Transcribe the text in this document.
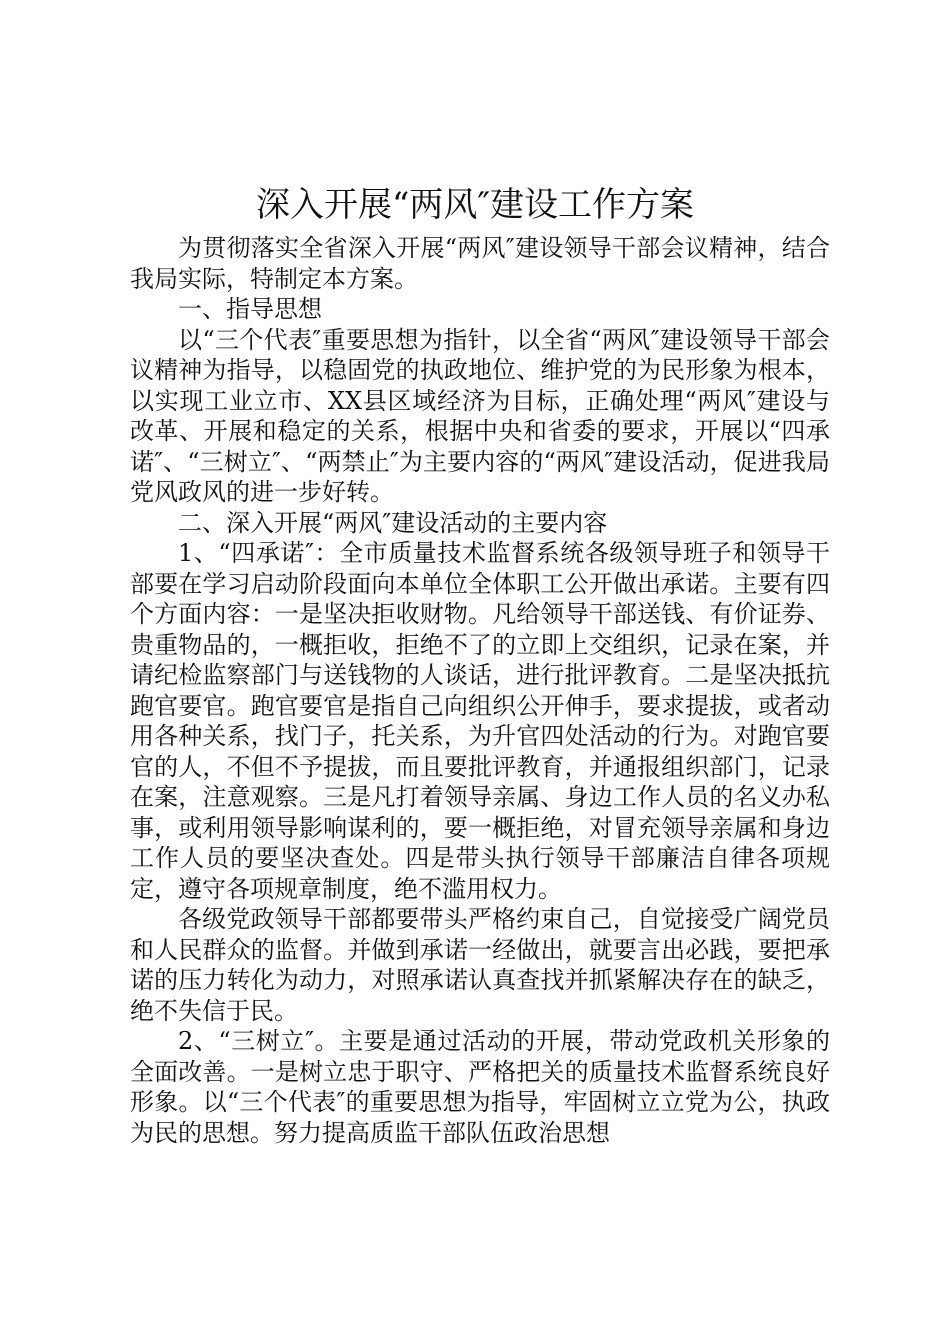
深入开展“两风″建设工作方案

为贯彻落实全省深入开展“两风″建设领导干部会议精神，结合我局实际，特制定本方案。

一、指导思想

以“三个代表″重要思想为指针，以全省“两风″建设领导干部会议精神为指导，以稳固党的执政地位、维护党的为民形象为根本，以实现工业立市、XX县区域经济为目标，正确处理“两风″建设与改革、开展和稳定的关系，根据中央和省委的要求，开展以“四承诺″、“三树立″、“两禁止″为主要内容的“两风″建设活动，促进我局党风政风的进一步好转。

二、深入开展“两风″建设活动的主要内容

1、“四承诺″：全市质量技术监督系统各级领导班子和领导干部要在学习启动阶段面向本单位全体职工公开做出承诺。主要有四个方面内容：一是坚决拒收财物。凡给领导干部送钱、有价证券、贵重物品的，一概拒收，拒绝不了的立即上交组织，记录在案，并请纪检监察部门与送钱物的人谈话，进行批评教育。二是坚决抵抗跑官要官。跑官要官是指自己向组织公开伸手，要求提拔，或者动用各种关系，找门子，托关系，为升官四处活动的行为。对跑官要官的人，不但不予提拔，而且要批评教育，并通报组织部门，记录在案，注意观察。三是凡打着领导亲属、身边工作人员的名义办私事，或利用领导影响谋利的，要一概拒绝，对冒充领导亲属和身边工作人员的要坚决查处。四是带头执行领导干部廉洁自律各项规定，遵守各项规章制度，绝不滥用权力。

各级党政领导干部都要带头严格约束自己，自觉接受广阔党员和人民群众的监督。并做到承诺一经做出，就要言出必践，要把承诺的压力转化为动力，对照承诺认真查找并抓紧解决存在的缺乏，绝不失信于民。

2、“三树立″。主要是通过活动的开展，带动党政机关形象的全面改善。一是树立忠于职守、严格把关的质量技术监督系统良好形象。以“三个代表″的重要思想为指导，牢固树立立党为公，执政为民的思想。努力提高质监干部队伍政治思想
